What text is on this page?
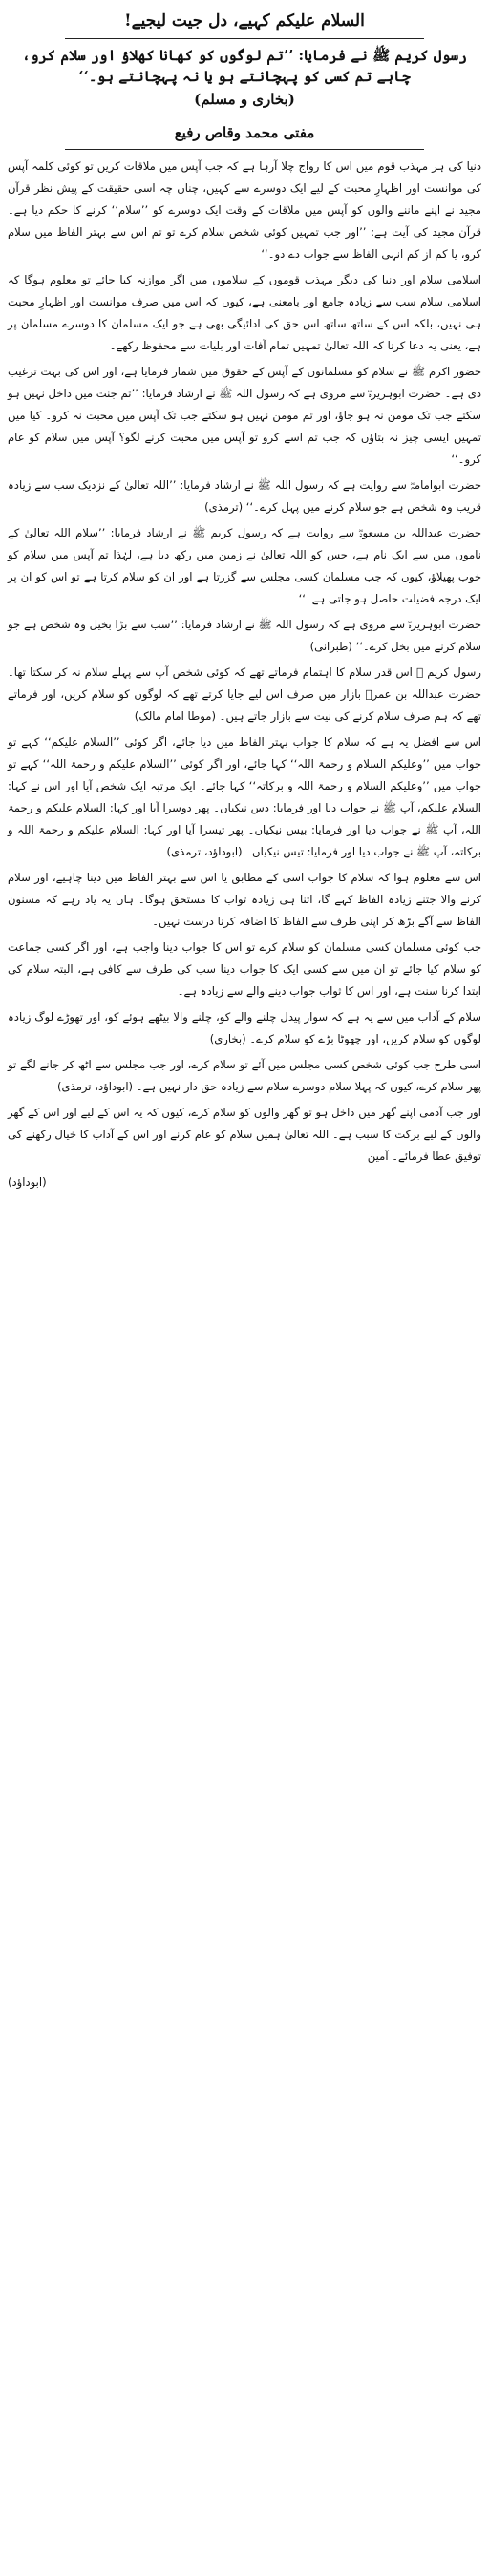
السلام علیکم کہیے، دل جیت لیجیے!
رسول کریم ﷺ نے فرمایا: ’’تم لوگوں کو کھانا کھلاؤ اور سلام کرو، چاہے تم کسی کو پہچانتے ہو یا نہ پہچانتے ہو۔‘‘
(بخاری و مسلم)
مفتی محمد وقاص رفیع

دنیا کی ہر مہذب قوم میں اس کا رواج چلا آرہا ہے کہ جب آپس میں ملاقات کریں تو کوئی کلمہ آپس کی موانست اور اظہارِ محبت کے لیے ایک دوسرے سے کہیں، چناں چہ اسی حقیقت کے پیش نظر قرآن مجید نے اپنے ماننے والوں کو آپس میں ملاقات کے وقت ایک دوسرے کو ’’سلام‘‘ کرنے کا حکم دیا ہے۔ قرآن مجید کی آیت ہے: ’’اور جب تمہیں کوئی شخص سلام کرے تو تم اس سے بہتر الفاظ میں سلام کرو، یا کم از کم انہی الفاظ سے جواب دے دو۔‘‘

اسلامی سلام اور دنیا کی دیگر مہذب قوموں کے سلاموں میں اگر موازنہ کیا جائے تو معلوم ہوگا کہ اسلامی سلام سب سے زیادہ جامع اور بامعنی ہے، کیوں کہ اس میں صرف موانست اور اظہارِ محبت ہی نہیں، بلکہ اس کے ساتھ ساتھ اس حق کی ادائیگی بھی ہے جو ایک مسلمان کا دوسرے مسلمان پر ہے، یعنی یہ دعا کرنا کہ اللہ تعالیٰ تمہیں تمام آفات اور بلیات سے محفوظ رکھے۔

حضور اکرم ﷺ نے سلام کو مسلمانوں کے آپس کے حقوق میں شمار فرمایا ہے، اور اس کی بہت ترغیب دی ہے۔ حضرت ابوہریرہؓ سے مروی ہے کہ رسول اللہ ﷺ نے ارشاد فرمایا: ’’تم جنت میں داخل نہیں ہو سکتے جب تک مومن نہ ہو جاؤ، اور تم مومن نہیں ہو سکتے جب تک آپس میں محبت نہ کرو۔ کیا میں تمہیں ایسی چیز نہ بتاؤں کہ جب تم اسے کرو تو آپس میں محبت کرنے لگو؟ آپس میں سلام کو عام کرو۔‘‘

حضرت ابوامامہؓ سے روایت ہے کہ رسول اللہ ﷺ نے ارشاد فرمایا: ’’اللہ تعالیٰ کے نزدیک سب سے زیادہ قریب وہ شخص ہے جو سلام کرنے میں پہل کرے۔‘‘ (ترمذی)

حضرت عبداللہ بن مسعودؓ سے روایت ہے کہ رسول کریم ﷺ نے ارشاد فرمایا: ’’سلام اللہ تعالیٰ کے ناموں میں سے ایک نام ہے، جس کو اللہ تعالیٰ نے زمین میں رکھ دیا ہے، لہٰذا تم آپس میں سلام کو خوب پھیلاؤ، کیوں کہ جب مسلمان کسی مجلس سے گزرتا ہے اور ان کو سلام کرتا ہے تو اس کو ان پر ایک درجہ فضیلت حاصل ہو جاتی ہے۔‘‘

حضرت ابوہریرہؓ سے مروی ہے کہ رسول اللہ ﷺ نے ارشاد فرمایا: ’’سب سے بڑا بخیل وہ شخص ہے جو سلام کرنے میں بخل کرے۔‘‘ (طبرانی)

رسول کریم ﷺ اس قدر سلام کا اہتمام فرماتے تھے کہ کوئی شخص آپ سے پہلے سلام نہ کر سکتا تھا۔ حضرت عبداللہ بن عمرؓ بازار میں صرف اس لیے جایا کرتے تھے کہ لوگوں کو سلام کریں، اور فرماتے تھے کہ ہم صرف سلام کرنے کی نیت سے بازار جاتے ہیں۔ (موطا امام مالک)

اس سے افضل یہ ہے کہ سلام کا جواب بہتر الفاظ میں دیا جائے، اگر کوئی ’’السلام علیکم‘‘ کہے تو جواب میں ’’وعلیکم السلام و رحمۃ اللہ‘‘ کہا جائے، اور اگر کوئی ’’السلام علیکم و رحمۃ اللہ‘‘ کہے تو جواب میں ’’وعلیکم السلام و رحمۃ اللہ و برکاتہ‘‘ کہا جائے۔ ایک مرتبہ ایک شخص آیا اور اس نے کہا: السلام علیکم، آپ ﷺ نے جواب دیا اور فرمایا: دس نیکیاں۔ پھر دوسرا آیا اور کہا: السلام علیکم و رحمۃ اللہ، آپ ﷺ نے جواب دیا اور فرمایا: بیس نیکیاں۔ پھر تیسرا آیا اور کہا: السلام علیکم و رحمۃ اللہ و برکاتہ، آپ ﷺ نے جواب دیا اور فرمایا: تیس نیکیاں۔ (ابوداؤد، ترمذی)

اس سے معلوم ہوا کہ سلام کا جواب اسی کے مطابق یا اس سے بہتر الفاظ میں دینا چاہیے، اور سلام کرنے والا جتنے زیادہ الفاظ کہے گا، اتنا ہی زیادہ ثواب کا مستحق ہوگا۔ ہاں یہ یاد رہے کہ مسنون الفاظ سے آگے بڑھ کر اپنی طرف سے الفاظ کا اضافہ کرنا درست نہیں۔

جب کوئی مسلمان کسی مسلمان کو سلام کرے تو اس کا جواب دینا واجب ہے، اور اگر کسی جماعت کو سلام کیا جائے تو ان میں سے کسی ایک کا جواب دینا سب کی طرف سے کافی ہے، البتہ سلام کی ابتدا کرنا سنت ہے، اور اس کا ثواب جواب دینے والے سے زیادہ ہے۔

سلام کے آداب میں سے یہ ہے کہ سوار پیدل چلنے والے کو، چلنے والا بیٹھے ہوئے کو، اور تھوڑے لوگ زیادہ لوگوں کو سلام کریں، اور چھوٹا بڑے کو سلام کرے۔ (بخاری)

اسی طرح جب کوئی شخص کسی مجلس میں آئے تو سلام کرے، اور جب مجلس سے اٹھ کر جانے لگے تو پھر سلام کرے، کیوں کہ پہلا سلام دوسرے سلام سے زیادہ حق دار نہیں ہے۔ (ابوداؤد، ترمذی)

اور جب آدمی اپنے گھر میں داخل ہو تو گھر والوں کو سلام کرے، کیوں کہ یہ اس کے لیے اور اس کے گھر والوں کے لیے برکت کا سبب ہے۔ اللہ تعالیٰ ہمیں سلام کو عام کرنے اور اس کے آداب کا خیال رکھنے کی توفیق عطا فرمائے۔ آمین

(ابوداؤد)
